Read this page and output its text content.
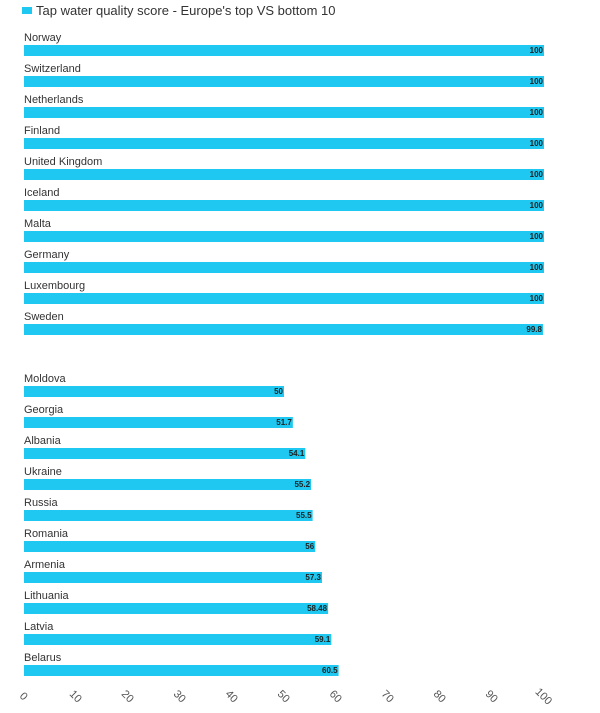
Tap water quality score - Europe's top VS bottom 10
Norway
100
Switzerland
100
Netherlands
100
Finland
100
United Kingdom
100
Iceland
100
Malta
100
Germany
100
Luxembourg
100
Sweden
99.8
Moldova
50
Georgia
51.7
Albania
54.1
Ukraine
55.2
Russia
55.5
Romania
56
Armenia
57.3
Lithuania
58.48
Latvia
59.1
Belarus
60.5
0	10	20	30	40	50	60	70	80	90	100
